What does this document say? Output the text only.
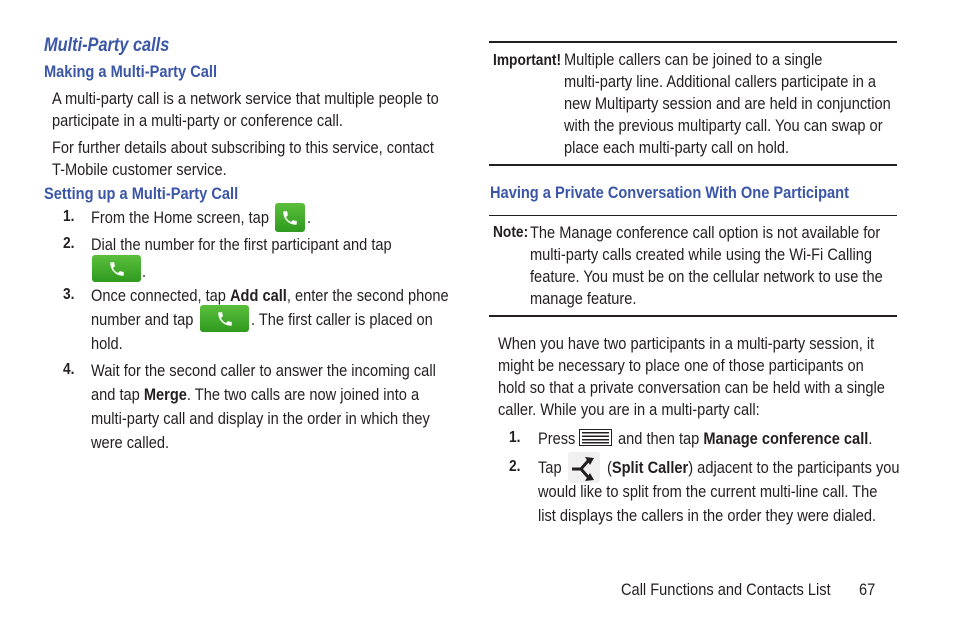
Multi-Party calls
Making a Multi-Party Call
A multi-party call is a network service that multiple people to
participate in a multi-party or conference call.
For further details about subscribing to this service, contact
T-Mobile customer service.
Setting up a Multi-Party Call
1. From the Home screen, tap .
2. Dial the number for the first participant and tap
.
3. Once connected, tap Add call, enter the second phone
number and tap	. The first caller is placed on
hold.
4. Wait for the second caller to answer the incoming call
and tap Merge. The two calls are now joined into a
multi-party call and display in the order in which they
were called.
Important! Multiple callers can be joined to a single
multi-party line. Additional callers participate in a
new Multiparty session and are held in conjunction
with the previous multiparty call. You can swap or
place each multi-party call on hold.
Having a Private Conversation With One Participant
Note: The Manage conference call option is not available for
multi-party calls created while using the Wi-Fi Calling
feature. You must be on the cellular network to use the
manage feature.
When you have two participants in a multi-party session, it
might be necessary to place one of those participants on
hold so that a private conversation can be held with a single
caller. While you are in a multi-party call:
1. Press	and then tap Manage conference call.
2. Tap	(Split Caller) adjacent to the participants you
would like to split from the current multi-line call. The
list displays the callers in the order they were dialed.
Call Functions and Contacts List 67
